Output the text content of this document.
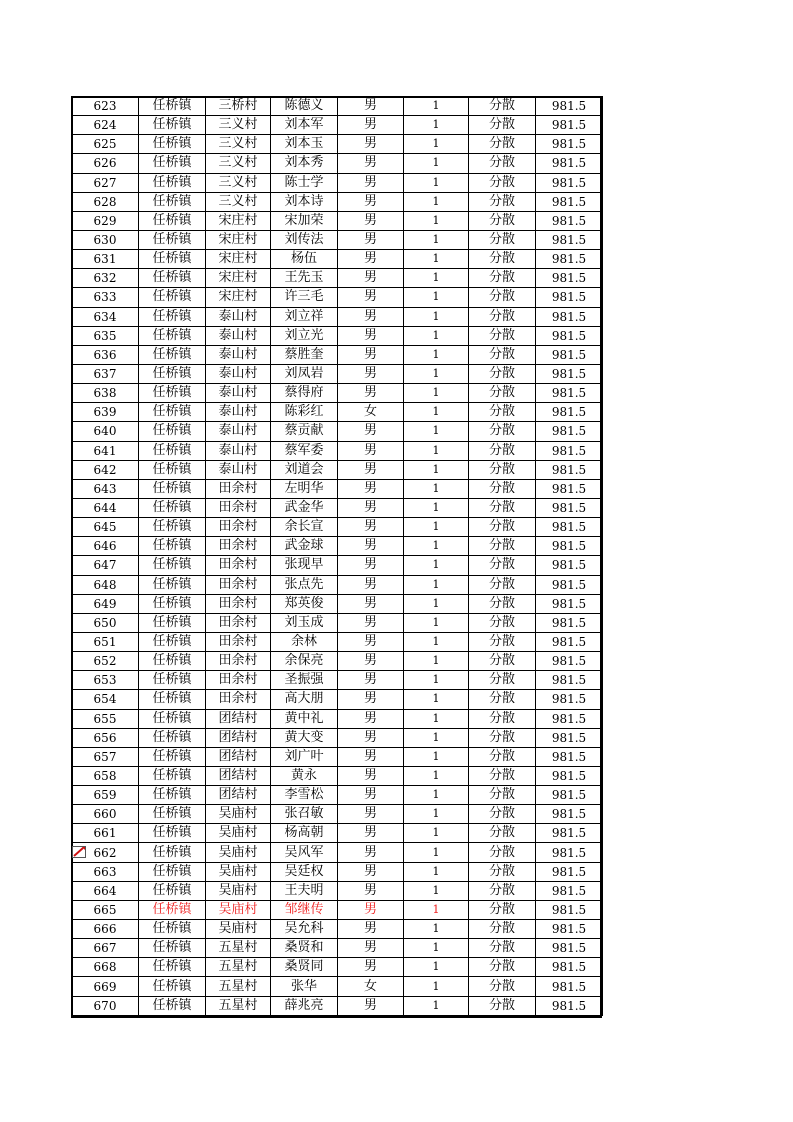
623	任桥镇	三桥村	陈德义	男	1	分散	981.5
624	任桥镇	三义村	刘本军	男	1	分散	981.5
625	任桥镇	三义村	刘本玉	男	1	分散	981.5
626	任桥镇	三义村	刘本秀	男	1	分散	981.5
627	任桥镇	三义村	陈士学	男	1	分散	981.5
628	任桥镇	三义村	刘本诗	男	1	分散	981.5
629	任桥镇	宋庄村	宋加荣	男	1	分散	981.5
630	任桥镇	宋庄村	刘传法	男	1	分散	981.5
631	任桥镇	宋庄村	杨伍	男	1	分散	981.5
632	任桥镇	宋庄村	王先玉	男	1	分散	981.5
633	任桥镇	宋庄村	许三毛	男	1	分散	981.5
634	任桥镇	泰山村	刘立祥	男	1	分散	981.5
635	任桥镇	泰山村	刘立光	男	1	分散	981.5
636	任桥镇	泰山村	蔡胜奎	男	1	分散	981.5
637	任桥镇	泰山村	刘凤岩	男	1	分散	981.5
638	任桥镇	泰山村	蔡得府	男	1	分散	981.5
639	任桥镇	泰山村	陈彩红	女	1	分散	981.5
640	任桥镇	泰山村	蔡贡献	男	1	分散	981.5
641	任桥镇	泰山村	蔡军委	男	1	分散	981.5
642	任桥镇	泰山村	刘道会	男	1	分散	981.5
643	任桥镇	田余村	左明华	男	1	分散	981.5
644	任桥镇	田余村	武金华	男	1	分散	981.5
645	任桥镇	田余村	余长宣	男	1	分散	981.5
646	任桥镇	田余村	武金球	男	1	分散	981.5
647	任桥镇	田余村	张现早	男	1	分散	981.5
648	任桥镇	田余村	张点先	男	1	分散	981.5
649	任桥镇	田余村	郑英俊	男	1	分散	981.5
650	任桥镇	田余村	刘玉成	男	1	分散	981.5
651	任桥镇	田余村	余林	男	1	分散	981.5
652	任桥镇	田余村	余保亮	男	1	分散	981.5
653	任桥镇	田余村	圣振强	男	1	分散	981.5
654	任桥镇	田余村	高大朋	男	1	分散	981.5
655	任桥镇	团结村	黄中礼	男	1	分散	981.5
656	任桥镇	团结村	黄大变	男	1	分散	981.5
657	任桥镇	团结村	刘广叶	男	1	分散	981.5
658	任桥镇	团结村	黄永	男	1	分散	981.5
659	任桥镇	团结村	李雪松	男	1	分散	981.5
660	任桥镇	吴庙村	张召敏	男	1	分散	981.5
661	任桥镇	吴庙村	杨高朝	男	1	分散	981.5
662	任桥镇	吴庙村	吴风军	男	1	分散	981.5
663	任桥镇	吴庙村	吴廷权	男	1	分散	981.5
664	任桥镇	吴庙村	王夫明	男	1	分散	981.5
665	任桥镇	吴庙村	邹继传	男	1	分散	981.5
666	任桥镇	吴庙村	吴允科	男	1	分散	981.5
667	任桥镇	五星村	桑贤和	男	1	分散	981.5
668	任桥镇	五星村	桑贤同	男	1	分散	981.5
669	任桥镇	五星村	张华	女	1	分散	981.5
670	任桥镇	五星村	薛兆亮	男	1	分散	981.5
